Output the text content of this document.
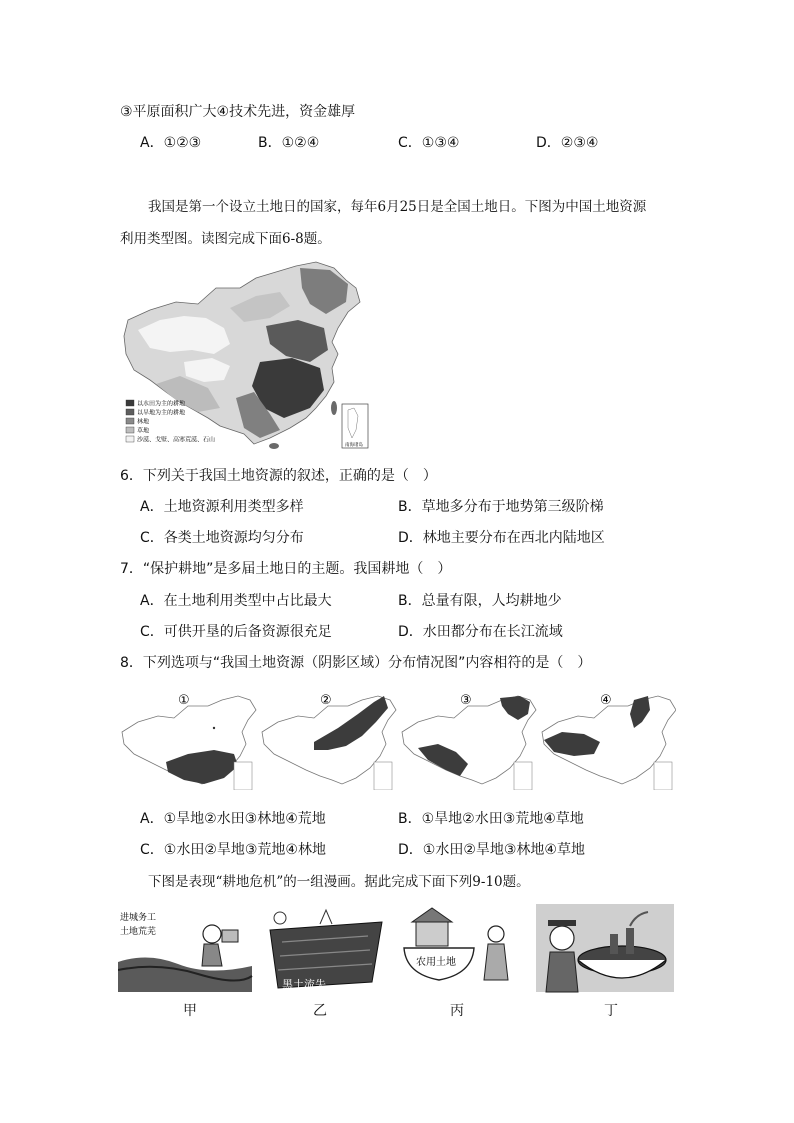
③平原面积广大④技术先进，资金雄厚
A．①②③	B．①②④	C．①③④	D．②③④
我国是第一个设立土地日的国家，每年6月25日是全国土地日。下图为中国土地资源
利用类型图。读图完成下面6-8题。
以水田为主的耕地
以旱地为主的耕地
林地
草地
沙漠、戈壁、高寒荒漠、石山
南海诸岛
6．下列关于我国土地资源的叙述，正确的是（　）
A．土地资源利用类型多样	B．草地多分布于地势第三级阶梯
C．各类土地资源均匀分布	D．林地主要分布在西北内陆地区
7．“保护耕地”是多届土地日的主题。我国耕地（　）
A．在土地利用类型中占比最大	B．总量有限，人均耕地少
C．可供开垦的后备资源很充足	D．水田都分布在长江流域
8．下列选项与“我国土地资源（阴影区域）分布情况图”内容相符的是（　）
①	②	③	④
A．①旱地②水田③林地④荒地	B．①旱地②水田③荒地④草地
C．①水田②旱地③荒地④林地	D．①水田②旱地③林地④草地
下图是表现“耕地危机”的一组漫画。据此完成下面下列9-10题。
进城务工
土地荒芜
黑土流失
农用土地
甲	乙	丙	丁
